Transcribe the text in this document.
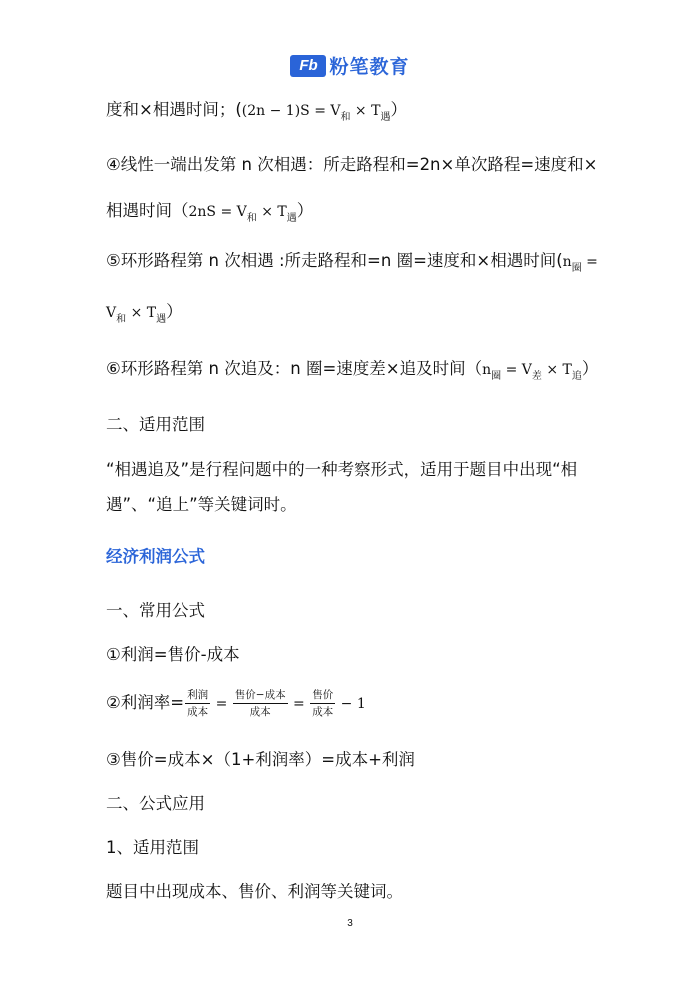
Fb 粉笔教育
度和×相遇时间；$((2n - 1)S = V_和 \times T_遇)$
④线性一端出发第 n 次相遇：所走路程和=2n×单次路程=速度和×
相遇时间$(2nS = V_和 \times T_遇)$
⑤环形路程第 n 次相遇 :所走路程和=n 圈=速度和×相遇时间($n_圈$ =
$V_和 \times T_遇$）
⑥环形路程第 n 次追及：n 圈=速度差×追及时间$(n_圈 = V_差 \times T_追)$
二、适用范围
“相遇追及”是行程问题中的一种考察形式，适用于题目中出现“相
遇”、“追上”等关键词时。
经济利润公式
一、常用公式
①利润=售价-成本
②利润率= $\frac{\text{利润}}{\text{成本}} = \frac{\text{售价−成本}}{\text{成本}} = \frac{\text{售价}}{\text{成本}} - 1$
③售价=成本×（1+利润率）=成本+利润
二、公式应用
1、适用范围
题目中出现成本、售价、利润等关键词。
3
